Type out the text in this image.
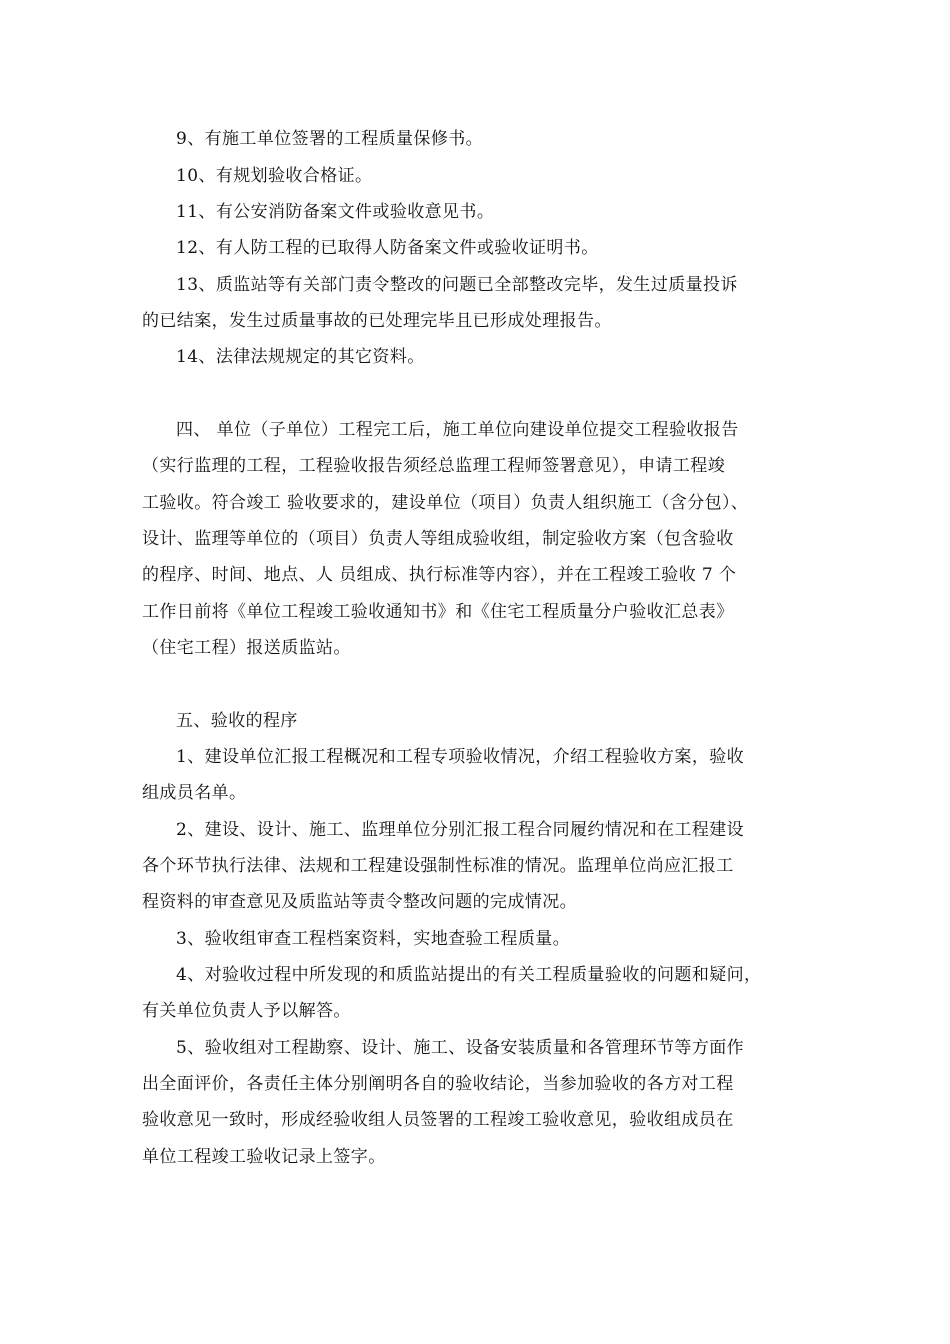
9、有施工单位签署的工程质量保修书。
10、有规划验收合格证。
11、有公安消防备案文件或验收意见书。
12、有人防工程的已取得人防备案文件或验收证明书。
13、质监站等有关部门责令整改的问题已全部整改完毕，发生过质量投诉
的已结案，发生过质量事故的已处理完毕且已形成处理报告。
14、法律法规规定的其它资料。
四、 单位（子单位）工程完工后，施工单位向建设单位提交工程验收报告
（实行监理的工程，工程验收报告须经总监理工程师签署意见），申请工程竣
工验收。符合竣工 验收要求的，建设单位（项目）负责人组织施工（含分包）、
设计、监理等单位的（项目）负责人等组成验收组，制定验收方案（包含验收
的程序、时间、地点、人 员组成、执行标准等内容），并在工程竣工验收 7 个
工作日前将《单位工程竣工验收通知书》和《住宅工程质量分户验收汇总表》
（住宅工程）报送质监站。
五、验收的程序
1、建设单位汇报工程概况和工程专项验收情况，介绍工程验收方案，验收
组成员名单。
2、建设、设计、施工、监理单位分别汇报工程合同履约情况和在工程建设
各个环节执行法律、法规和工程建设强制性标准的情况。监理单位尚应汇报工
程资料的审查意见及质监站等责令整改问题的完成情况。
3、验收组审查工程档案资料，实地查验工程质量。
4、对验收过程中所发现的和质监站提出的有关工程质量验收的问题和疑问，
有关单位负责人予以解答。
5、验收组对工程勘察、设计、施工、设备安装质量和各管理环节等方面作
出全面评价，各责任主体分别阐明各自的验收结论，当参加验收的各方对工程
验收意见一致时，形成经验收组人员签署的工程竣工验收意见，验收组成员在
单位工程竣工验收记录上签字。
